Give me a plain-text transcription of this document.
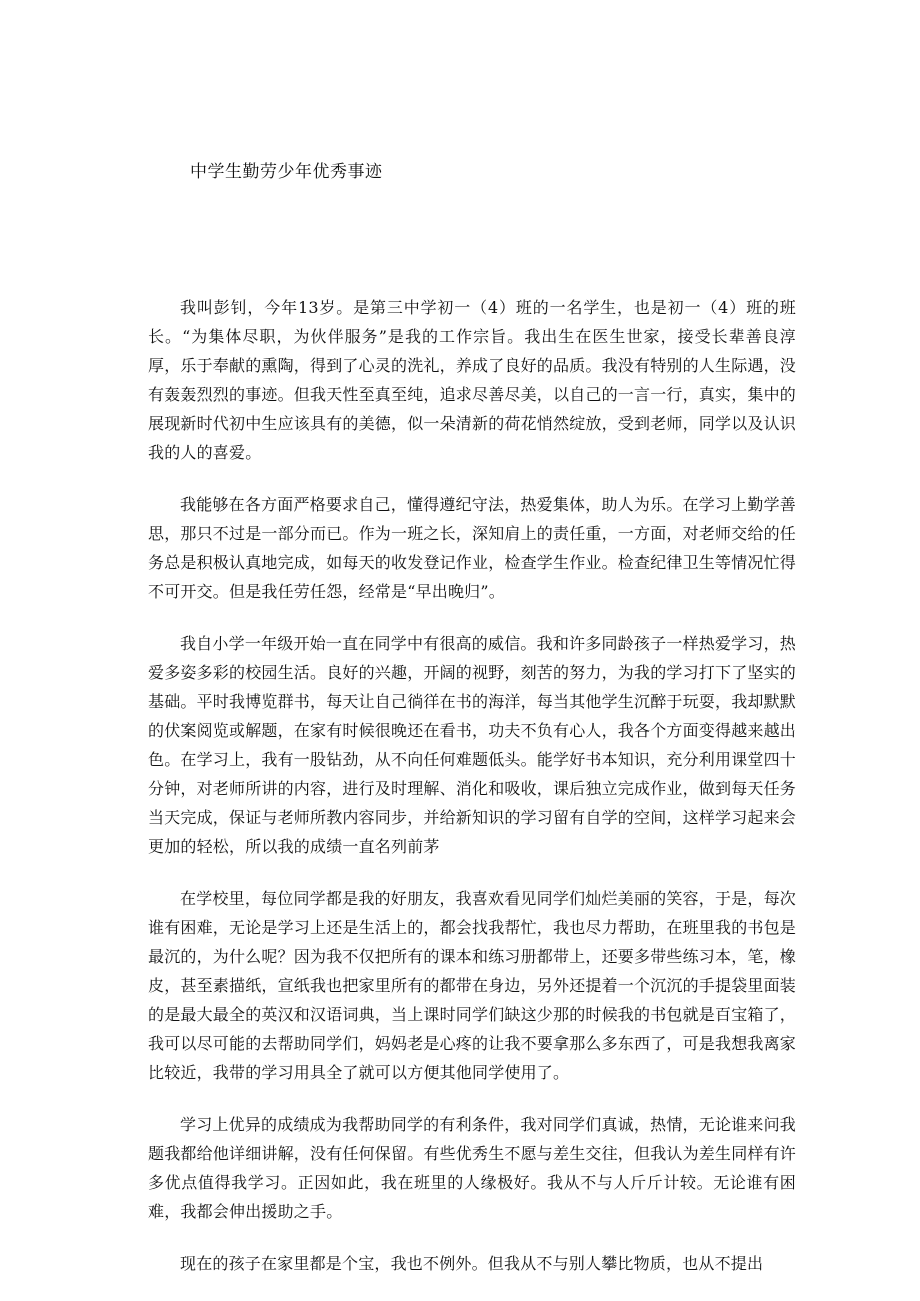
中学生勤劳少年优秀事迹

我叫彭钊，今年13岁。是第三中学初一（4）班的一名学生，也是初一（4）班的班长。“为集体尽职，为伙伴服务”是我的工作宗旨。我出生在医生世家，接受长辈善良淳厚，乐于奉献的熏陶，得到了心灵的洗礼，养成了良好的品质。我没有特别的人生际遇，没有轰轰烈烈的事迹。但我天性至真至纯，追求尽善尽美，以自己的一言一行，真实，集中的展现新时代初中生应该具有的美德，似一朵清新的荷花悄然绽放，受到老师，同学以及认识我的人的喜爱。

我能够在各方面严格要求自己，懂得遵纪守法，热爱集体，助人为乐。在学习上勤学善思，那只不过是一部分而已。作为一班之长，深知肩上的责任重，一方面，对老师交给的任务总是积极认真地完成，如每天的收发登记作业，检查学生作业。检查纪律卫生等情况忙得不可开交。但是我任劳任怨，经常是“早出晚归”。

我自小学一年级开始一直在同学中有很高的威信。我和许多同龄孩子一样热爱学习，热爱多姿多彩的校园生活。良好的兴趣，开阔的视野，刻苦的努力，为我的学习打下了坚实的基础。平时我博览群书，每天让自己徜徉在书的海洋，每当其他学生沉醉于玩耍，我却默默的伏案阅览或解题，在家有时候很晚还在看书，功夫不负有心人，我各个方面变得越来越出色。在学习上，我有一股钻劲，从不向任何难题低头。能学好书本知识，充分利用课堂四十分钟，对老师所讲的内容，进行及时理解、消化和吸收，课后独立完成作业，做到每天任务当天完成，保证与老师所教内容同步，并给新知识的学习留有自学的空间，这样学习起来会更加的轻松，所以我的成绩一直名列前茅

在学校里，每位同学都是我的好朋友，我喜欢看见同学们灿烂美丽的笑容，于是，每次谁有困难，无论是学习上还是生活上的，都会找我帮忙，我也尽力帮助，在班里我的书包是最沉的，为什么呢？因为我不仅把所有的课本和练习册都带上，还要多带些练习本，笔，橡皮，甚至素描纸，宣纸我也把家里所有的都带在身边，另外还提着一个沉沉的手提袋里面装的是最大最全的英汉和汉语词典，当上课时同学们缺这少那的时候我的书包就是百宝箱了，我可以尽可能的去帮助同学们，妈妈老是心疼的让我不要拿那么多东西了，可是我想我离家比较近，我带的学习用具全了就可以方便其他同学使用了。

学习上优异的成绩成为我帮助同学的有利条件，我对同学们真诚，热情，无论谁来问我题我都给他详细讲解，没有任何保留。有些优秀生不愿与差生交往，但我认为差生同样有许多优点值得我学习。正因如此，我在班里的人缘极好。我从不与人斤斤计较。无论谁有困难，我都会伸出援助之手。

现在的孩子在家里都是个宝，我也不例外。但我从不与别人攀比物质，也从不提出
